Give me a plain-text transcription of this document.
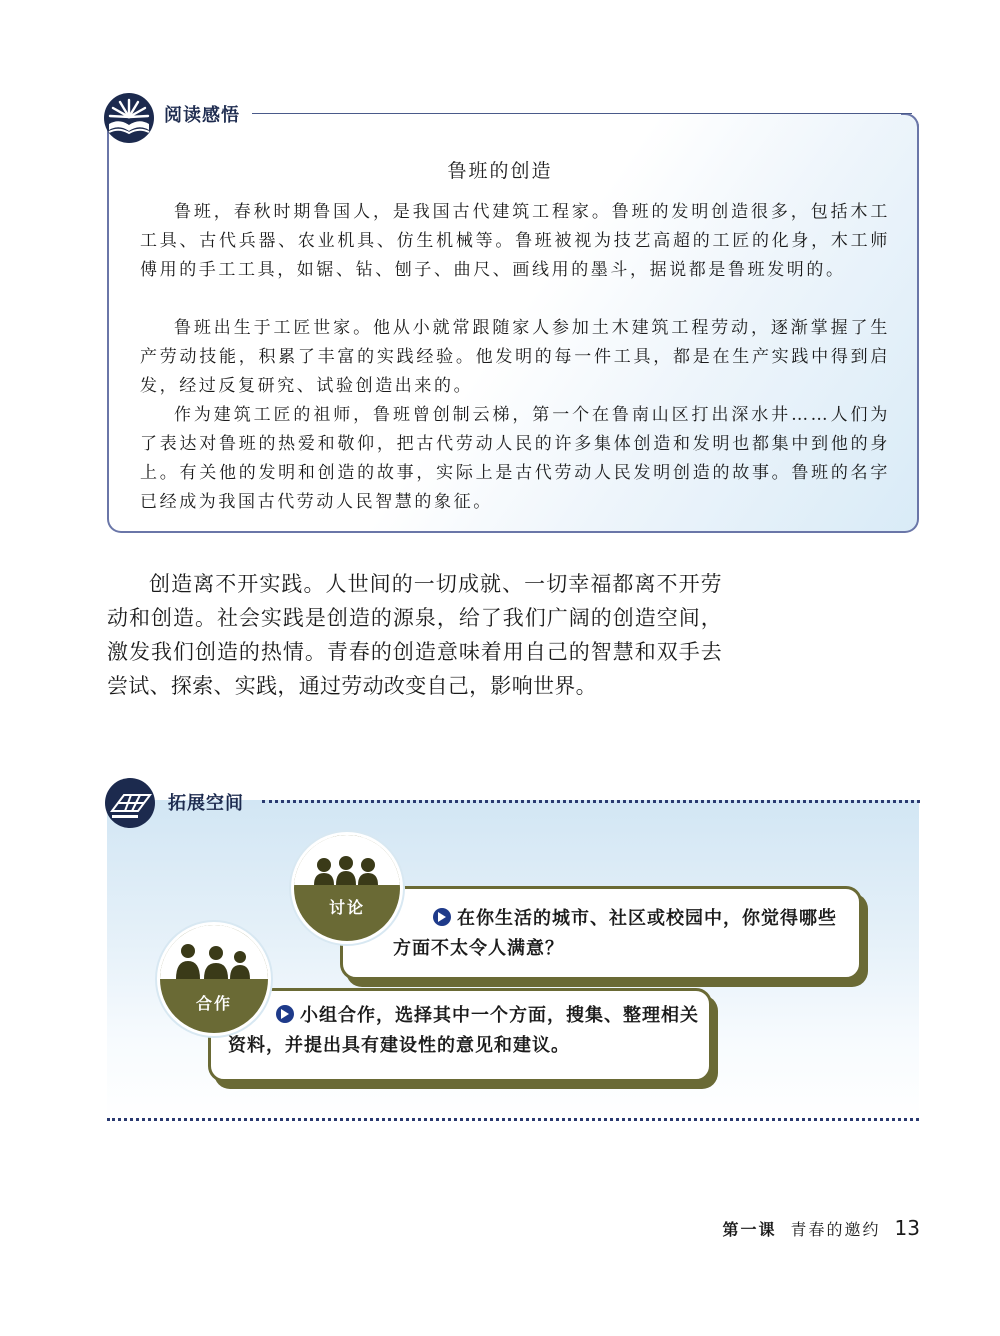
阅读感悟
鲁班的创造

鲁班，春秋时期鲁国人，是我国古代建筑工程家。鲁班的发明创造很多，包括木工工具、古代兵器、农业机具、仿生机械等。鲁班被视为技艺高超的工匠的化身，木工师傅用的手工工具，如锯、钻、刨子、曲尺、画线用的墨斗，据说都是鲁班发明的。

鲁班出生于工匠世家。他从小就常跟随家人参加土木建筑工程劳动，逐渐掌握了生产劳动技能，积累了丰富的实践经验。他发明的每一件工具，都是在生产实践中得到启发，经过反复研究、试验创造出来的。

作为建筑工匠的祖师，鲁班曾创制云梯，第一个在鲁南山区打出深水井……人们为了表达对鲁班的热爱和敬仰，把古代劳动人民的许多集体创造和发明也都集中到他的身上。有关他的发明和创造的故事，实际上是古代劳动人民发明创造的故事。鲁班的名字已经成为我国古代劳动人民智慧的象征。

创造离不开实践。人世间的一切成就、一切幸福都离不开劳动和创造。社会实践是创造的源泉，给了我们广阔的创造空间，激发我们创造的热情。青春的创造意味着用自己的智慧和双手去尝试、探索、实践，通过劳动改变自己，影响世界。

拓展空间
讨论
合作

在你生活的城市、社区或校园中，你觉得哪些方面不太令人满意？

小组合作，选择其中一个方面，搜集、整理相关资料，并提出具有建设性的意见和建议。

第一课 青春的邀约 13
